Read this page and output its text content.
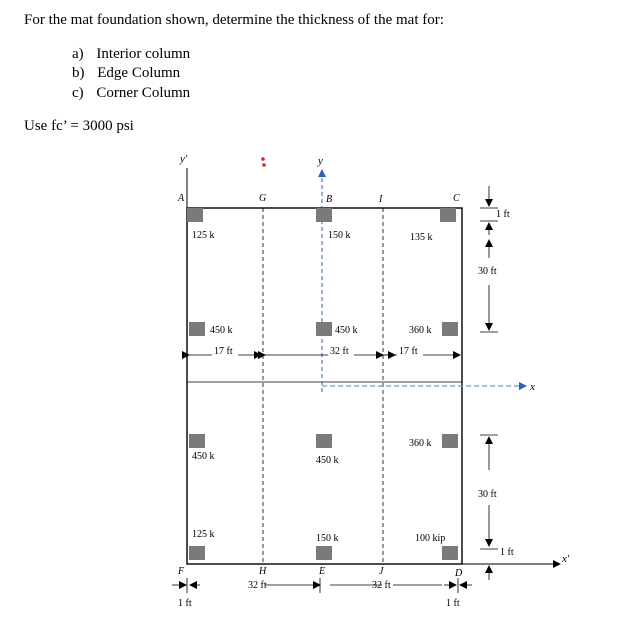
For the mat foundation shown, determine the thickness of the mat for:
a) Interior column
b) Edge Column
c) Corner Column
Use fc’ = 3000 psi
A	G	B	I	C
F	H	E	J	D
y′	y
x
x′
125 k	150 k	135 k
450 k	450 k	360 k
450 k	450 k
360 k
125 k	150 k	100 kip
17 ft	32 ft	17 ft
32 ft	32 ft
1 ft	1 ft
1 ft
30 ft
30 ft
1 ft
